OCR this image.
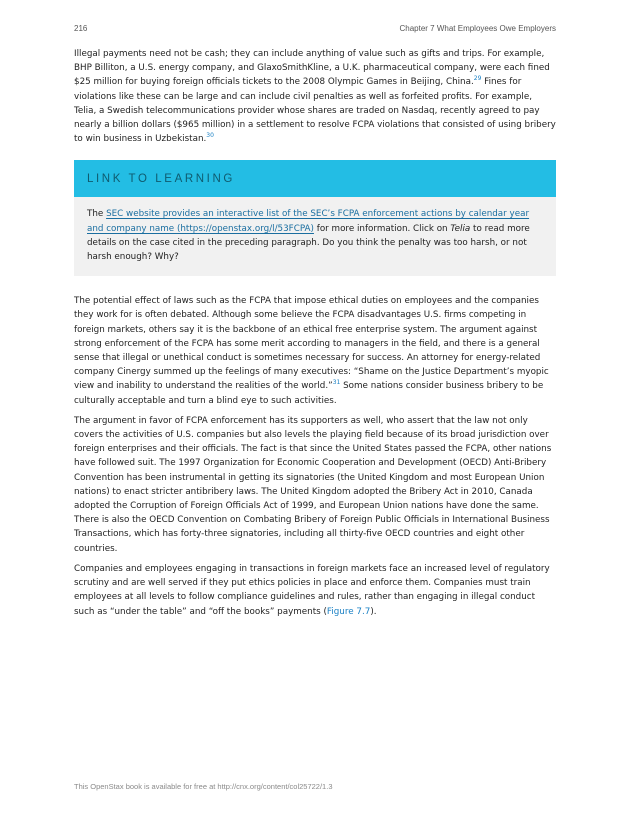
216	Chapter 7 What Employees Owe Employers

Illegal payments need not be cash; they can include anything of value such as gifts and trips. For example, BHP Billiton, a U.S. energy company, and GlaxoSmithKline, a U.K. pharmaceutical company, were each fined $25 million for buying foreign officials tickets to the 2008 Olympic Games in Beijing, China.$^{29}$ Fines for violations like these can be large and can include civil penalties as well as forfeited profits. For example, Telia, a Swedish telecommunications provider whose shares are traded on Nasdaq, recently agreed to pay nearly a billion dollars ($965 million) in a settlement to resolve FCPA violations that consisted of using bribery to win business in Uzbekistan.$^{30}$

LINK TO LEARNING

The SEC website provides an interactive list of the SEC’s FCPA enforcement actions by calendar year and company name (https://openstax.org/l/53FCPA) for more information. Click on Telia to read more details on the case cited in the preceding paragraph. Do you think the penalty was too harsh, or not harsh enough? Why?

The potential effect of laws such as the FCPA that impose ethical duties on employees and the companies they work for is often debated. Although some believe the FCPA disadvantages U.S. firms competing in foreign markets, others say it is the backbone of an ethical free enterprise system. The argument against strong enforcement of the FCPA has some merit according to managers in the field, and there is a general sense that illegal or unethical conduct is sometimes necessary for success. An attorney for energy-related company Cinergy summed up the feelings of many executives: “Shame on the Justice Department’s myopic view and inability to understand the realities of the world.”$^{31}$ Some nations consider business bribery to be culturally acceptable and turn a blind eye to such activities.

The argument in favor of FCPA enforcement has its supporters as well, who assert that the law not only covers the activities of U.S. companies but also levels the playing field because of its broad jurisdiction over foreign enterprises and their officials. The fact is that since the United States passed the FCPA, other nations have followed suit. The 1997 Organization for Economic Cooperation and Development (OECD) Anti-Bribery Convention has been instrumental in getting its signatories (the United Kingdom and most European Union nations) to enact stricter antibribery laws. The United Kingdom adopted the Bribery Act in 2010, Canada adopted the Corruption of Foreign Officials Act of 1999, and European Union nations have done the same. There is also the OECD Convention on Combating Bribery of Foreign Public Officials in International Business Transactions, which has forty-three signatories, including all thirty-five OECD countries and eight other countries.

Companies and employees engaging in transactions in foreign markets face an increased level of regulatory scrutiny and are well served if they put ethics policies in place and enforce them. Companies must train employees at all levels to follow compliance guidelines and rules, rather than engaging in illegal conduct such as “under the table” and “off the books” payments (Figure 7.7).

This OpenStax book is available for free at http://cnx.org/content/col25722/1.3
